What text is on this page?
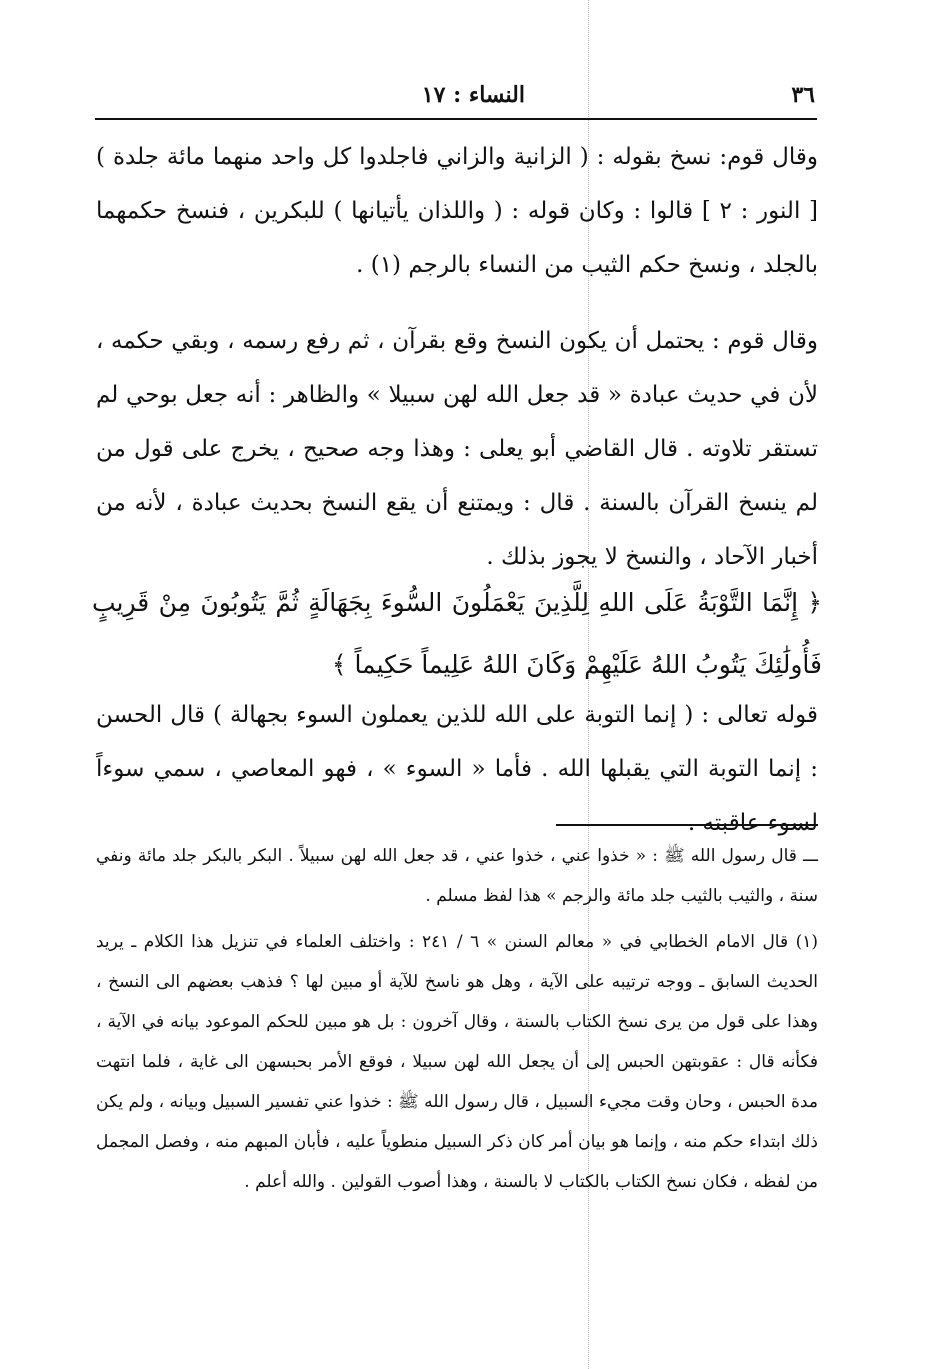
٣٦
النساء : ١٧

وقال قوم: نسخ بقوله : ( الزانية والزاني فاجلدوا كل واحد منهما مائة جلدة ) [ النور : ٢ ] قالوا : وكان قوله : ( واللذان يأتيانها ) للبكرين ، فنسخ حكمهما بالجلد ، ونسخ حكم الثيب من النساء بالرجم (١) .

وقال قوم : يحتمل أن يكون النسخ وقع بقرآن ، ثم رفع رسمه ، وبقي حكمه ، لأن في حديث عبادة « قد جعل الله لهن سبيلا » والظاهر : أنه جعل بوحي لم تستقر تلاوته . قال القاضي أبو يعلى : وهذا وجه صحيح ، يخرج على قول من لم ينسخ القرآن بالسنة . قال : ويمتنع أن يقع النسخ بحديث عبادة ، لأنه من أخبار الآحاد ، والنسخ لا يجوز بذلك .

﴿ إِنَّمَا التَّوْبَةُ عَلَى اللهِ لِلَّذِينَ يَعْمَلُونَ السُّوءَ بِجَهَالَةٍ ثُمَّ يَتُوبُونَ مِنْ قَرِيبٍ فَأُولَٰئِكَ يَتُوبُ اللهُ عَلَيْهِمْ وَكَانَ اللهُ عَلِيماً حَكِيماً ﴾
قوله تعالى : ( إنما التوبة على الله للذين يعملون السوء بجهالة ) قال الحسن : إنما التوبة التي يقبلها الله . فأما « السوء » ، فهو المعاصي ، سمي سوءاً لسوء عاقبته .

ـــ قال رسول الله ﷺ : « خذوا عني ، خذوا عني ، قد جعل الله لهن سبيلاً . البكر بالبكر جلد مائة ونفي سنة ، والثيب بالثيب جلد مائة والرجم » هذا لفظ مسلم .

(١) قال الامام الخطابي في « معالم السنن » ٦ / ٢٤١ : واختلف العلماء في تنزيل هذا الكلام ـ يريد الحديث السابق ـ ووجه ترتيبه على الآية ، وهل هو ناسخ للآية أو مبين لها ؟ فذهب بعضهم الى النسخ ، وهذا على قول من يرى نسخ الكتاب بالسنة ، وقال آخرون : بل هو مبين للحكم الموعود بيانه في الآية ، فكأنه قال : عقوبتهن الحبس إلى أن يجعل الله لهن سبيلا ، فوقع الأمر بحبسهن الى غاية ، فلما انتهت مدة الحبس ، وحان وقت مجيء السبيل ، قال رسول الله ﷺ : خذوا عني تفسير السبيل وبيانه ، ولم يكن ذلك ابتداء حكم منه ، وإنما هو بيان أمر كان ذكر السبيل منطوياً عليه ، فأبان المبهم منه ، وفصل المجمل من لفظه ، فكان نسخ الكتاب بالكتاب لا بالسنة ، وهذا أصوب القولين . والله أعلم .
